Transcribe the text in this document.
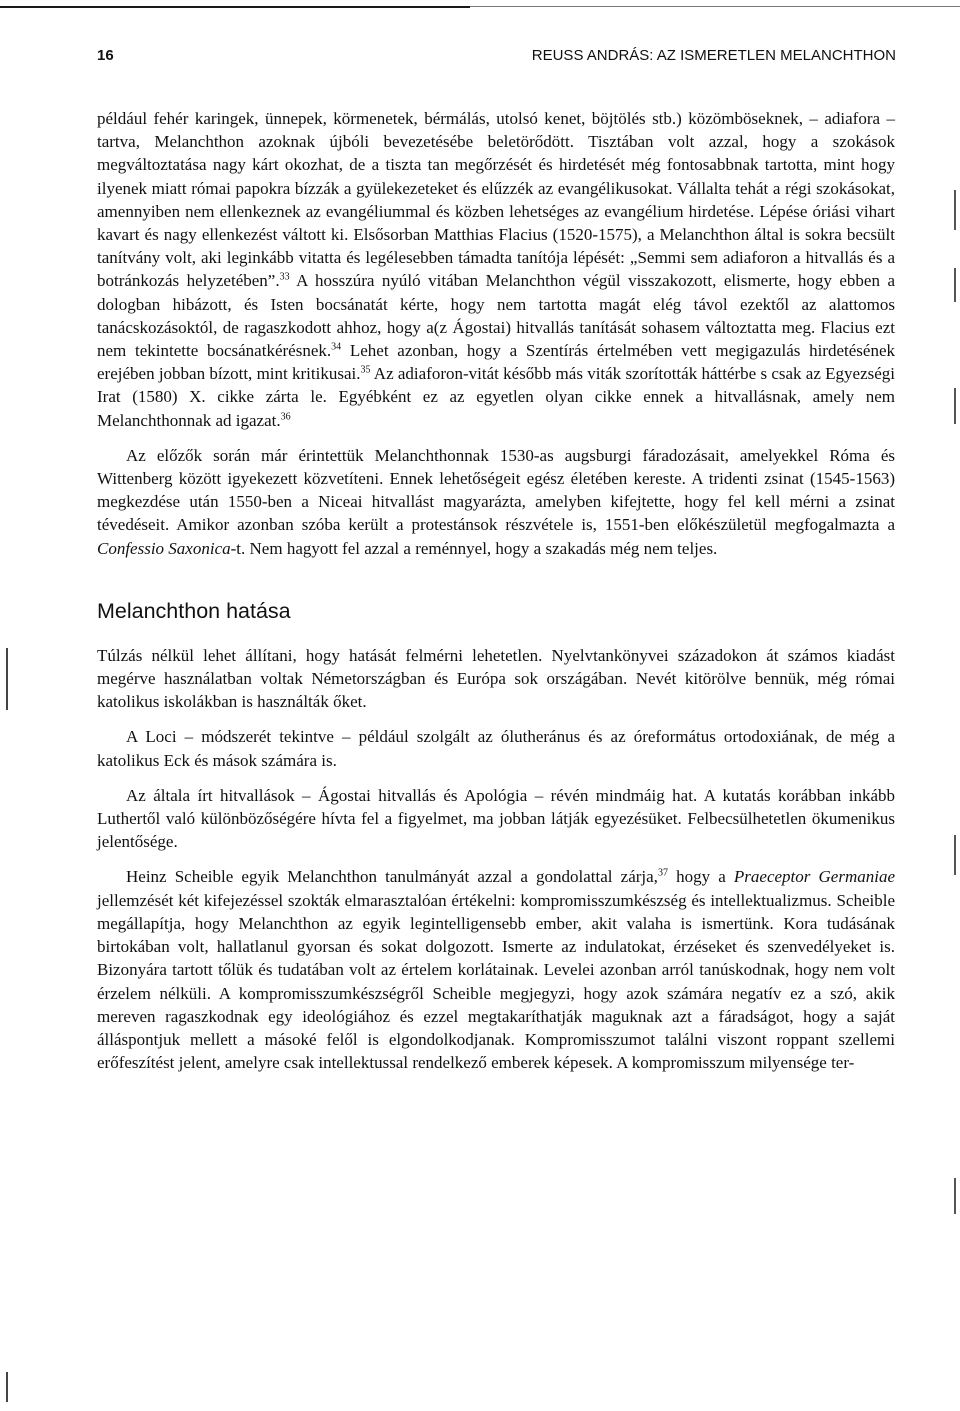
16	REUSS ANDRÁS: AZ ISMERETLEN MELANCHTHON

például fehér karingek, ünnepek, körmenetek, bérmálás, utolsó kenet, böjtölés stb.) közömböseknek, – adiafora – tartva, Melanchthon azoknak újbóli bevezetésébe beletörődött. Tisztában volt azzal, hogy a szokások megváltoztatása nagy kárt okozhat, de a tiszta tan megőrzését és hirdetését még fontosabbnak tartotta, mint hogy ilyenek miatt római papokra bízzák a gyülekezeteket és elűzzék az evangélikusokat. Vállalta tehát a régi szokásokat, amennyiben nem ellenkeznek az evangéliummal és közben lehetséges az evangélium hirdetése. Lépése óriási vihart kavart és nagy ellenkezést váltott ki. Elsősorban Matthias Flacius (1520-1575), a Melanchthon által is sokra becsült tanítvány volt, aki leginkább vitatta és legélesebben támadta tanítója lépését: „Semmi sem adiaforon a hitvallás és a botránkozás helyzetében”.$^{33}$ A hosszúra nyúló vitában Melanchthon végül visszakozott, elismerte, hogy ebben a dologban hibázott, és Isten bocsánatát kérte, hogy nem tartotta magát elég távol ezektől az alattomos tanácskozásoktól, de ragaszkodott ahhoz, hogy a(z Ágostai) hitvallás tanítását sohasem változtatta meg. Flacius ezt nem tekintette bocsánatkérésnek.$^{34}$ Lehet azonban, hogy a Szentírás értelmében vett megigazulás hirdetésének erejében jobban bízott, mint kritikusai.$^{35}$ Az adiaforon-vitát később más viták szorították háttérbe s csak az Egyezségi Irat (1580) X. cikke zárta le. Egyébként ez az egyetlen olyan cikke ennek a hitvallásnak, amely nem Melanchthonnak ad igazat.$^{36}$

Az előzők során már érintettük Melanchthonnak 1530-as augsburgi fáradozásait, amelyekkel Róma és Wittenberg között igyekezett közvetíteni. Ennek lehetőségeit egész életében kereste. A tridenti zsinat (1545-1563) megkezdése után 1550-ben a Niceai hitvallást magyarázta, amelyben kifejtette, hogy fel kell mérni a zsinat tévedéseit. Amikor azonban szóba került a protestánsok részvétele is, 1551-ben előkészületül megfogalmazta a Confessio Saxonica-t. Nem hagyott fel azzal a reménnyel, hogy a szakadás még nem teljes.

Melanchthon hatása

Túlzás nélkül lehet állítani, hogy hatását felmérni lehetetlen. Nyelvtankönyvei századokon át számos kiadást megérve használatban voltak Németországban és Európa sok országában. Nevét kitörölve bennük, még római katolikus iskolákban is használták őket.

A Loci – módszerét tekintve – például szolgált az ólutheránus és az óreformátus ortodoxiának, de még a katolikus Eck és mások számára is.

Az általa írt hitvallások – Ágostai hitvallás és Apológia – révén mindmáig hat. A kutatás korábban inkább Luthertől való különbözőségére hívta fel a figyelmet, ma jobban látják egyezésüket. Felbecsülhetetlen ökumenikus jelentősége.

Heinz Scheible egyik Melanchthon tanulmányát azzal a gondolattal zárja,$^{37}$ hogy a Praeceptor Germaniae jellemzését két kifejezéssel szokták elmarasztalóan értékelni: kompromisszumkészség és intellektualizmus. Scheible megállapítja, hogy Melanchthon az egyik legintelligensebb ember, akit valaha is ismertünk. Kora tudásának birtokában volt, hallatlanul gyorsan és sokat dolgozott. Ismerte az indulatokat, érzéseket és szenvedélyeket is. Bizonyára tartott tőlük és tudatában volt az értelem korlátainak. Levelei azonban arról tanúskodnak, hogy nem volt érzelem nélküli. A kompromisszumkészségről Scheible megjegyzi, hogy azok számára negatív ez a szó, akik mereven ragaszkodnak egy ideológiához és ezzel megtakaríthatják maguknak azt a fáradságot, hogy a saját álláspontjuk mellett a másoké felől is elgondolkodjanak. Kompromisszumot találni viszont roppant szellemi erőfeszítést jelent, amelyre csak intellektussal rendelkező emberek képesek. A kompromisszum milyensége ter-
